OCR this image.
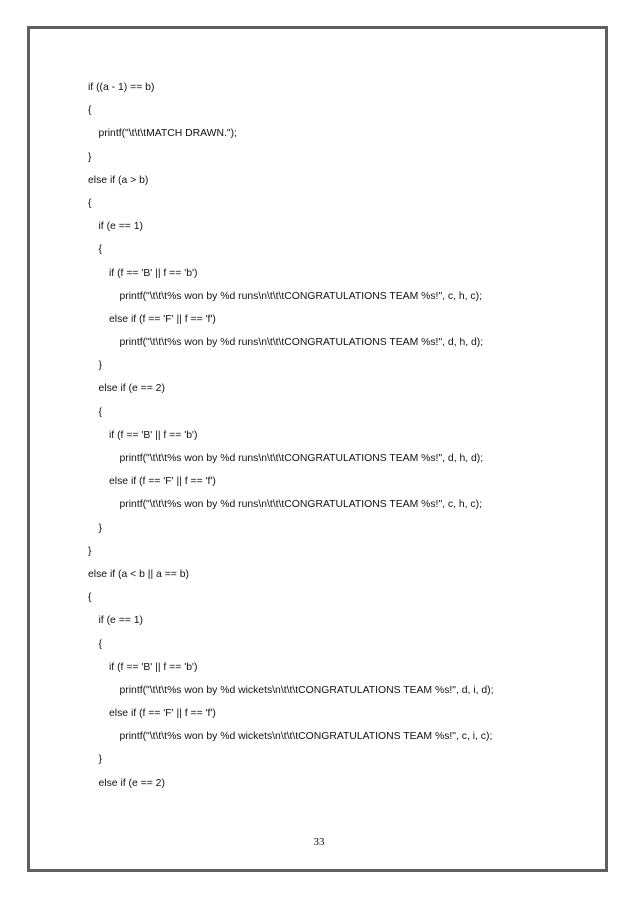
if ((a - 1) == b)
{
printf("\t\t\tMATCH DRAWN.");
}
else if (a > b)
{
if (e == 1)
{
if (f == 'B' || f == 'b')
printf("\t\t\t%s won by %d runs\n\t\t\tCONGRATULATIONS TEAM %s!", c, h, c);
else if (f == 'F' || f == 'f')
printf("\t\t\t%s won by %d runs\n\t\t\tCONGRATULATIONS TEAM %s!", d, h, d);
}
else if (e == 2)
{
if (f == 'B' || f == 'b')
printf("\t\t\t%s won by %d runs\n\t\t\tCONGRATULATIONS TEAM %s!", d, h, d);
else if (f == 'F' || f == 'f')
printf("\t\t\t%s won by %d runs\n\t\t\tCONGRATULATIONS TEAM %s!", c, h, c);
}
}
else if (a < b || a == b)
{
if (e == 1)
{
if (f == 'B' || f == 'b')
printf("\t\t\t%s won by %d wickets\n\t\t\tCONGRATULATIONS TEAM %s!", d, i, d);
else if (f == 'F' || f == 'f')
printf("\t\t\t%s won by %d wickets\n\t\t\tCONGRATULATIONS TEAM %s!", c, i, c);
}
else if (e == 2)
33
